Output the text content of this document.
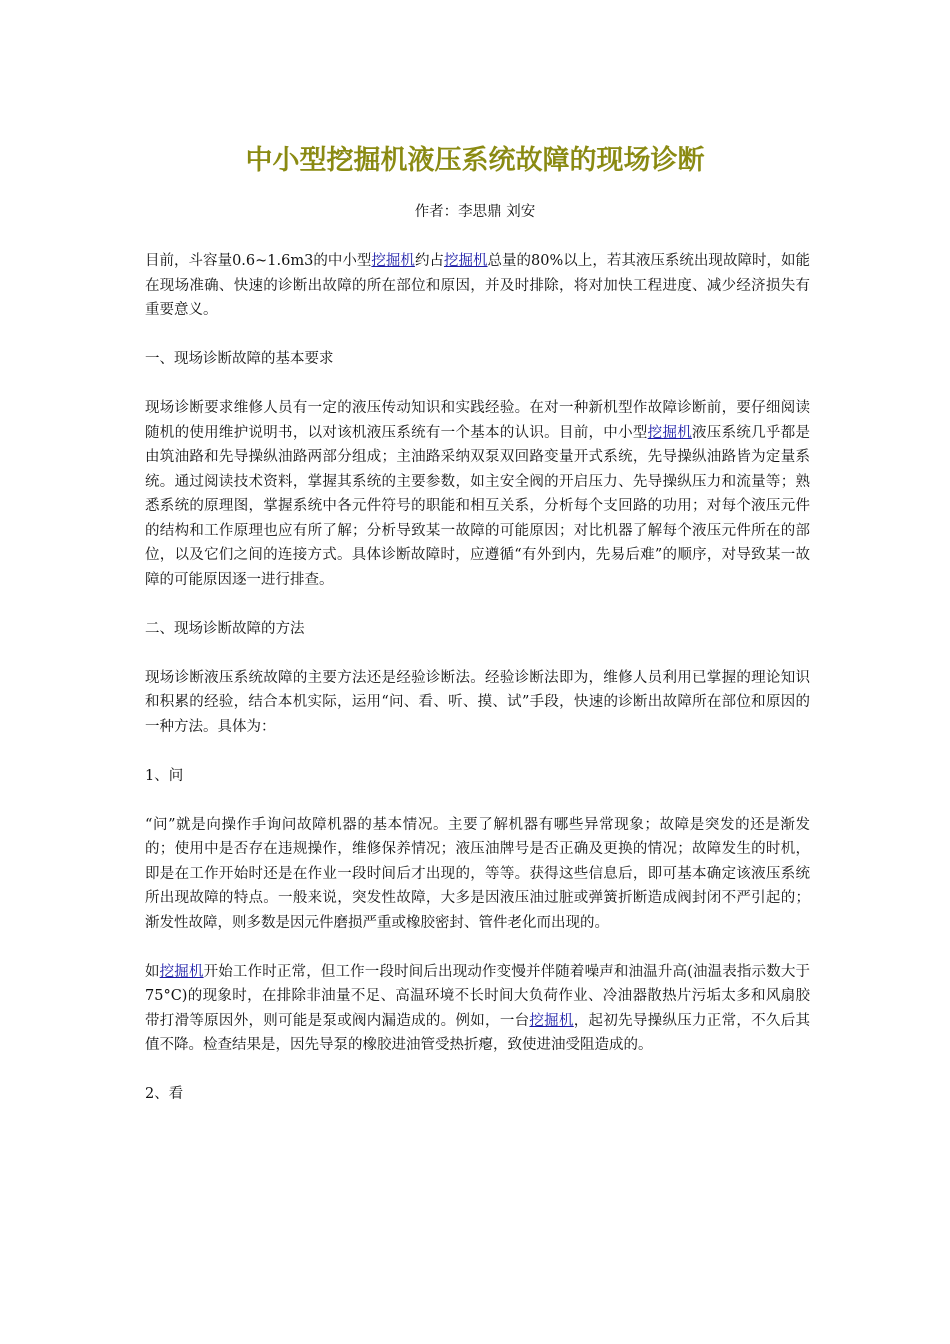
中小型挖掘机液压系统故障的现场诊断

作者：李思鼎 刘安

目前，斗容量0.6~1.6m3的中小型挖掘机约占挖掘机总量的80%以上，若其液压系统出现故障时，如能在现场准确、快速的诊断出故障的所在部位和原因，并及时排除，将对加快工程进度、减少经济损失有重要意义。

一、现场诊断故障的基本要求

现场诊断要求维修人员有一定的液压传动知识和实践经验。在对一种新机型作故障诊断前，要仔细阅读随机的使用维护说明书，以对该机液压系统有一个基本的认识。目前，中小型挖掘机液压系统几乎都是由筑油路和先导操纵油路两部分组成；主油路采纳双泵双回路变量开式系统，先导操纵油路皆为定量系统。通过阅读技术资料，掌握其系统的主要参数，如主安全阀的开启压力、先导操纵压力和流量等；熟悉系统的原理图，掌握系统中各元件符号的职能和相互关系，分析每个支回路的功用；对每个液压元件的结构和工作原理也应有所了解；分析导致某一故障的可能原因；对比机器了解每个液压元件所在的部位，以及它们之间的连接方式。具体诊断故障时，应遵循“有外到内，先易后难”的顺序，对导致某一故障的可能原因逐一进行排查。

二、现场诊断故障的方法

现场诊断液压系统故障的主要方法还是经验诊断法。经验诊断法即为，维修人员利用已掌握的理论知识和积累的经验，结合本机实际，运用“问、看、听、摸、试”手段，快速的诊断出故障所在部位和原因的一种方法。具体为：

1、问

“问”就是向操作手询问故障机器的基本情况。主要了解机器有哪些异常现象；故障是突发的还是渐发的；使用中是否存在违规操作，维修保养情况；液压油牌号是否正确及更换的情况；故障发生的时机，即是在工作开始时还是在作业一段时间后才出现的，等等。获得这些信息后，即可基本确定该液压系统所出现故障的特点。一般来说，突发性故障，大多是因液压油过脏或弹簧折断造成阀封闭不严引起的；渐发性故障，则多数是因元件磨损严重或橡胶密封、管件老化而出现的。

如挖掘机开始工作时正常，但工作一段时间后出现动作变慢并伴随着噪声和油温升高(油温表指示数大于75°C)的现象时，在排除非油量不足、高温环境不长时间大负荷作业、冷油器散热片污垢太多和风扇胶带打滑等原因外，则可能是泵或阀内漏造成的。例如，一台挖掘机，起初先导操纵压力正常，不久后其值不降。检查结果是，因先导泵的橡胶进油管受热折瘪，致使进油受阻造成的。

2、看
